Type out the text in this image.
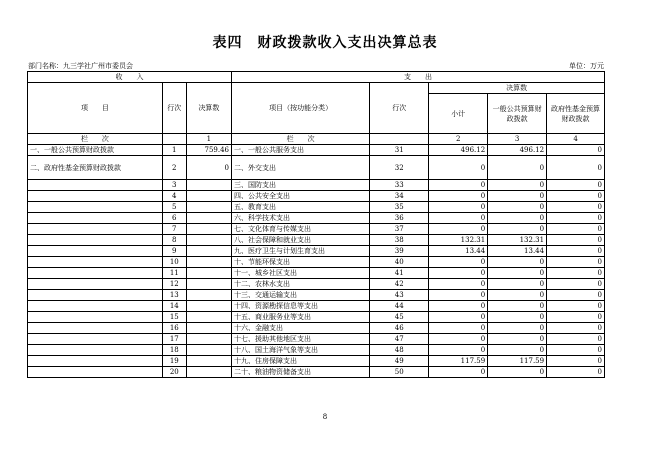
表四　财政拨款收入支出决算总表
部门名称：九三学社广州市委员会	单位：万元
收　　入			支　　出				
项　　目	行次	决算数	项目（按功能分类）	行次	决算数		
					小计	一般公共预算财政拨款	政府性基金预算财政拨款
栏　　次		1	栏　　次		2	3	4
一、一般公共预算财政拨款	1	759.46	一、一般公共服务支出	31	496.12	496.12	0
二、政府性基金预算财政拨款	2	0	二、外交支出	32	0	0	0
	3		三、国防支出	33	0	0	0
	4		四、公共安全支出	34	0	0	0
	5		五、教育支出	35	0	0	0
	6		六、科学技术支出	36	0	0	0
	7		七、文化体育与传媒支出	37	0	0	0
	8		八、社会保障和就业支出	38	132.31	132.31	0
	9		九、医疗卫生与计划生育支出	39	13.44	13.44	0
	10		十、节能环保支出	40	0	0	0
	11		十一、城乡社区支出	41	0	0	0
	12		十二、农林水支出	42	0	0	0
	13		十三、交通运输支出	43	0	0	0
	14		十四、资源勘探信息等支出	44	0	0	0
	15		十五、商业服务业等支出	45	0	0	0
	16		十六、金融支出	46	0	0	0
	17		十七、援助其他地区支出	47	0	0	0
	18		十八、国土海洋气象等支出	48	0	0	0
	19		十九、住房保障支出	49	117.59	117.59	0
	20		二十、粮油物资储备支出	50	0	0	0
8
